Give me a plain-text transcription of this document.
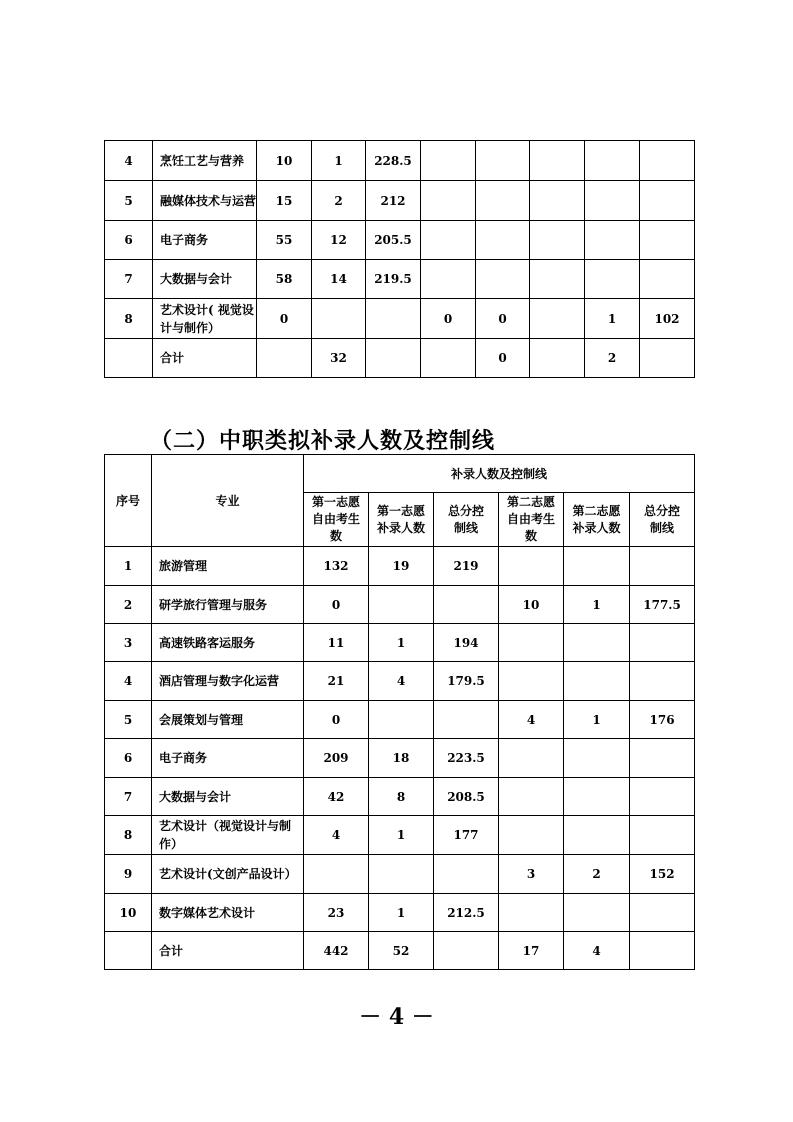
4	烹饪工艺与营养	10	1	228.5					
5	融媒体技术与运营	15	2	212					
6	电子商务	55	12	205.5					
7	大数据与会计	58	14	219.5					
8	艺术设计( 视觉设计与制作）	0			0	0		1	102
	合计		32			0		2	
（二）中职类拟补录人数及控制线
序号	专业	补录人数及控制线					
		第一志愿自由考生数	第一志愿补录人数	总分控制线	第二志愿自由考生数	第二志愿补录人数	总分控制线
1	旅游管理	132	19	219			
2	研学旅行管理与服务	0			10	1	177.5
3	高速铁路客运服务	11	1	194			
4	酒店管理与数字化运营	21	4	179.5			
5	会展策划与管理	0			4	1	176
6	电子商务	209	18	223.5			
7	大数据与会计	42	8	208.5			
8	艺术设计（视觉设计与制作）	4	1	177			
9	艺术设计(文创产品设计）				3	2	152
10	数字媒体艺术设计	23	1	212.5			
	合计	442	52		17	4	
－ 4 －
